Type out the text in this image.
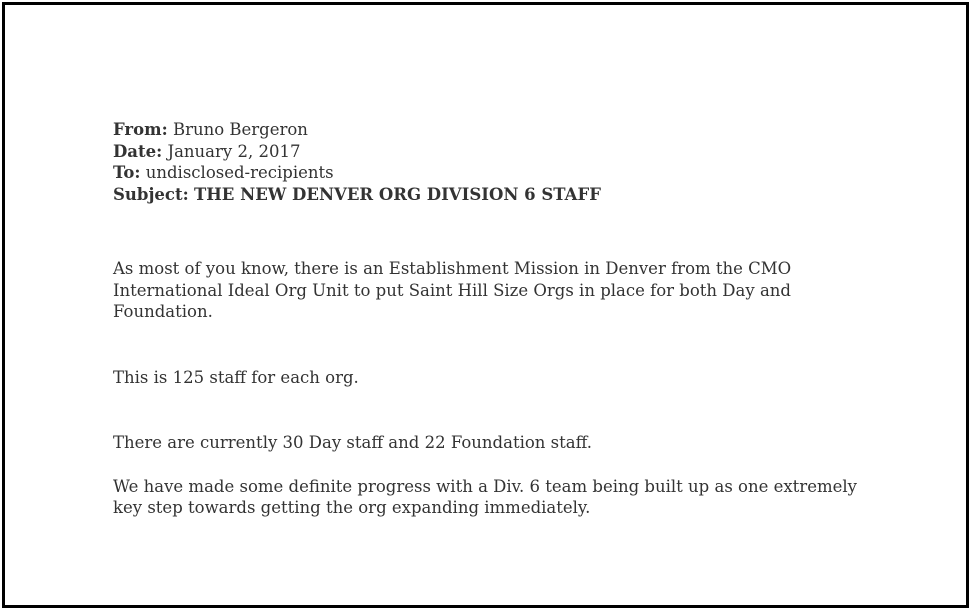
From: Bruno Bergeron

Date: January 2, 2017

To: undisclosed-recipients

Subject: THE NEW DENVER ORG DIVISION 6 STAFF

As most of you know, there is an Establishment Mission in Denver from the CMO
International Ideal Org Unit to put Saint Hill Size Orgs in place for both Day and
Foundation.
This is 125 staff for each org.
There are currently 30 Day staff and 22 Foundation staff.
We have made some definite progress with a Div. 6 team being built up as one extremely
key step towards getting the org expanding immediately.
